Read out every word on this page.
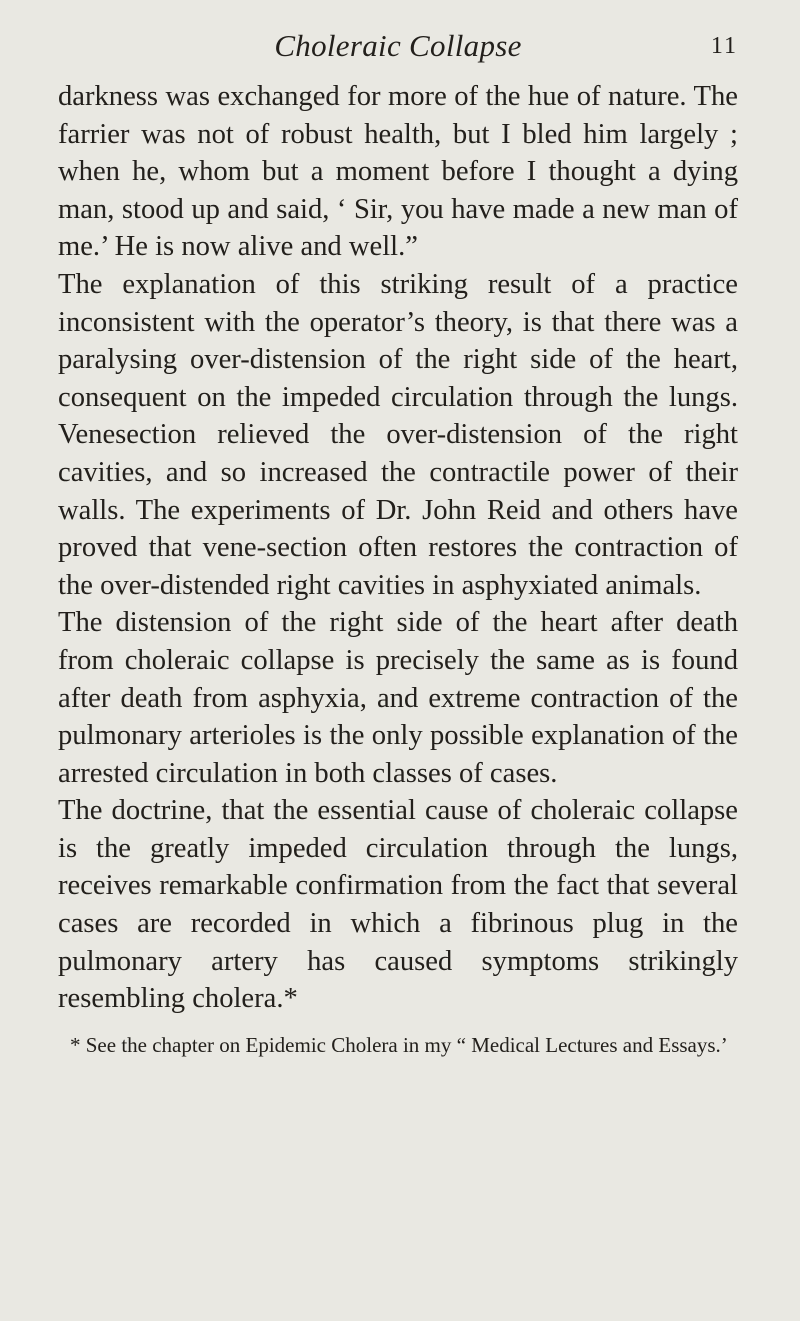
Choleraic Collapse	11

darkness was exchanged for more of the hue of nature. The farrier was not of robust health, but I bled him largely ; when he, whom but a moment before I thought a dying man, stood up and said, ‘ Sir, you have made a new man of me.’ He is now alive and well.”

The explanation of this striking result of a practice inconsistent with the operator’s theory, is that there was a paralysing over-distension of the right side of the heart, consequent on the impeded circulation through the lungs. Venesection relieved the over-distension of the right cavities, and so increased the contractile power of their walls. The experiments of Dr. John Reid and others have proved that vene-section often restores the contraction of the over-distended right cavities in asphyxiated animals.

The distension of the right side of the heart after death from choleraic collapse is precisely the same as is found after death from asphyxia, and extreme contraction of the pulmonary arterioles is the only possible explanation of the arrested circulation in both classes of cases.

The doctrine, that the essential cause of choleraic collapse is the greatly impeded circulation through the lungs, receives remarkable confirmation from the fact that several cases are recorded in which a fibrinous plug in the pulmonary artery has caused symptoms strikingly resembling cholera.*

* See the chapter on Epidemic Cholera in my “ Medical Lectures and Essays.’
